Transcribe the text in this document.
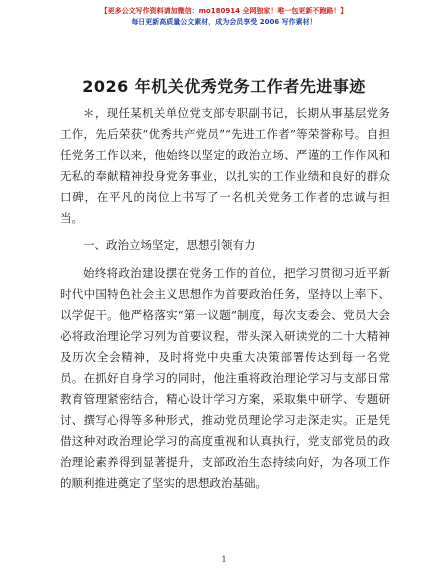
【更多公文写作资料请加微信：mo180914 全网独家！唯一包更新不跑路！】
每日更新高质量公文素材，成为会员享受 2006 写作素材！
2026 年机关优秀党务工作者先进事迹

＊，现任某机关单位党支部专职副书记，长期从事基层党务工作，先后荣获“优秀共产党员”“先进工作者”等荣誉称号。自担任党务工作以来，他始终以坚定的政治立场、严谨的工作作风和无私的奉献精神投身党务事业，以扎实的工作业绩和良好的群众口碑，在平凡的岗位上书写了一名机关党务工作者的忠诚与担当。

一、政治立场坚定，思想引领有力

始终将政治建设摆在党务工作的首位，把学习贯彻习近平新时代中国特色社会主义思想作为首要政治任务，坚持以上率下、以学促干。他严格落实“第一议题”制度，每次支委会、党员大会必将政治理论学习列为首要议程，带头深入研读党的二十大精神及历次全会精神，及时将党中央重大决策部署传达到每一名党员。在抓好自身学习的同时，他注重将政治理论学习与支部日常教育管理紧密结合，精心设计学习方案，采取集中研学、专题研讨、撰写心得等多种形式，推动党员理论学习走深走实。正是凭借这种对政治理论学习的高度重视和认真执行，党支部党员的政治理论素养得到显著提升，支部政治生态持续向好，为各项工作的顺利推进奠定了坚实的思想政治基础。

1
